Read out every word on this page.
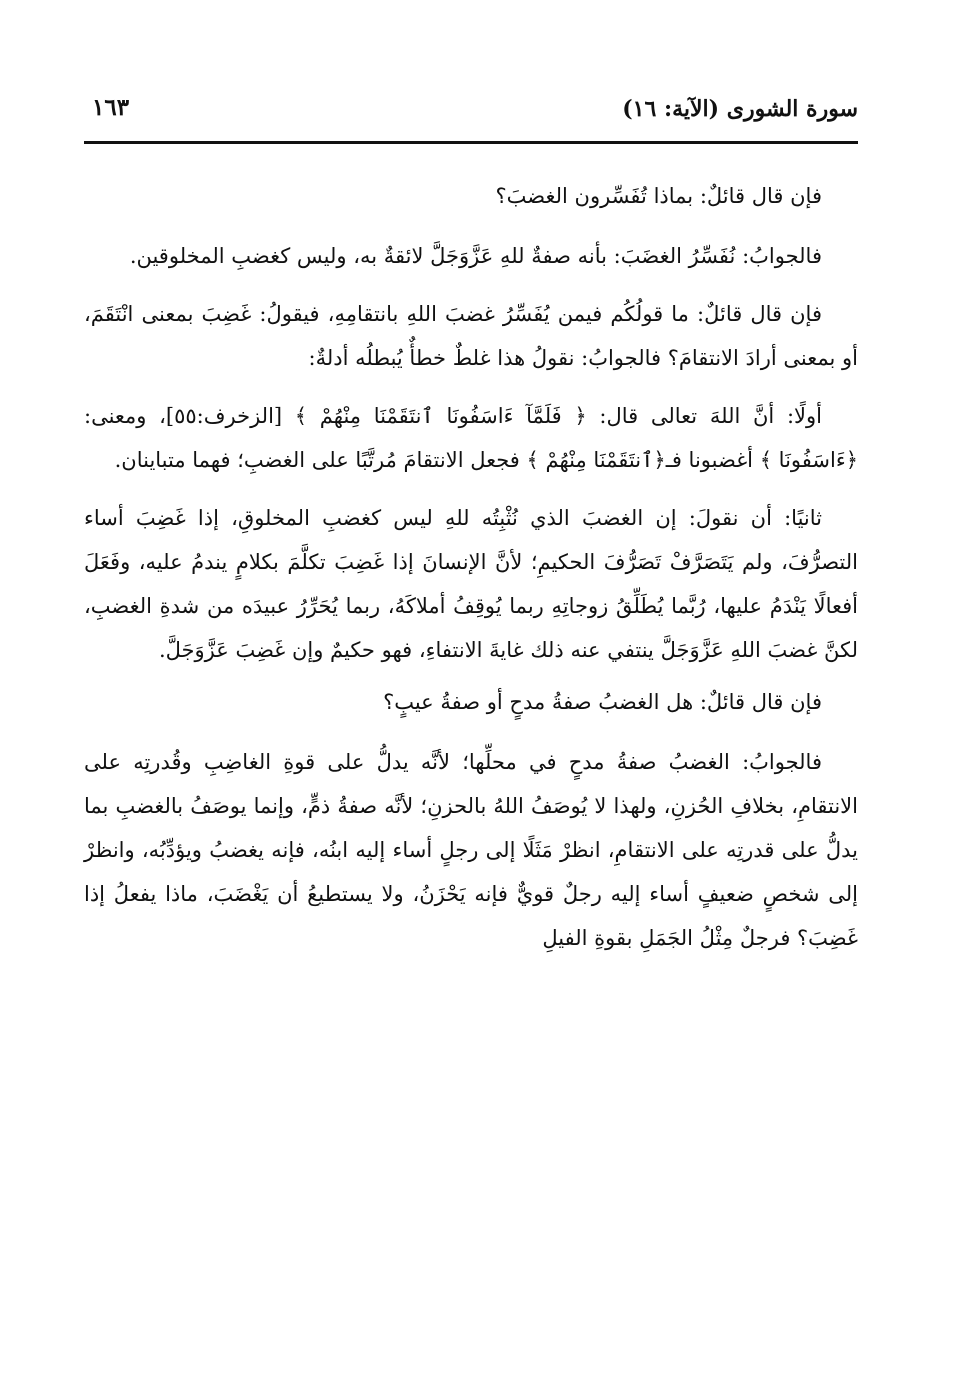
سورة الشورى (الآية: ١٦)
١٦٣

فإن قال قائلٌ: بماذا تُفَسِّرون الغضبَ؟

فالجوابُ: نُفَسِّرُ الغضَبَ: بأنه صفةٌ للهِ عَزَّوَجَلَّ لائقةٌ به، وليس كغضبِ المخلوقين.

فإن قال قائلٌ: ما قولُكُم فيمن يُفَسِّرُ غضبَ اللهِ بانتقامِهِ، فيقولُ: غَضِبَ بمعنى انْتَقَمَ، أو بمعنى أرادَ الانتقامَ؟ فالجوابُ: نقولُ هذا غلطٌ خطأٌ يُبطلُه أدلةٌ:

أولًا: أنَّ اللهَ تعالى قال: ﴿ فَلَمَّآ ءَاسَفُونَا ٱنتَقَمْنَا مِنْهُمْ ﴾ [الزخرف:٥٥]، ومعنى: ﴿ءَاسَفُونَا ﴾ أغضبونا فـ﴿ٱنتَقَمْنَا مِنْهُمْ ﴾ فجعل الانتقامَ مُرتَّبًا على الغضبِ؛ فهما متباينان.

ثانيًا: أن نقولَ: إن الغضبَ الذي نُثْبِتُه للهِ ليس كغضبِ المخلوقِ، إذا غَضِبَ أساء التصرُّفَ، ولم يَتَصَرَّفْ تَصَرُّفَ الحكيمِ؛ لأنَّ الإنسانَ إذا غَضِبَ تكلَّمَ بكلامٍ يندمُ عليه، وفَعَلَ أفعالًا يَنْدَمُ عليها، رُبَّما يُطَلِّقُ زوجاتِهِ ربما يُوقِفُ أملاكَهُ، ربما يُحَرِّرُ عبيدَه من شدةِ الغضبِ، لكنَّ غضبَ اللهِ عَزَّوَجَلَّ ينتفي عنه ذلك غايةَ الانتفاءِ، فهو حكيمٌ وإن غَضِبَ عَزَّوَجَلَّ.

فإن قال قائلٌ: هل الغضبُ صفةُ مدحٍ أو صفةُ عيبٍ؟

فالجوابُ: الغضبُ صفةُ مدحٍ في محلِّها؛ لأنَّه يدلُّ على قوةِ الغاضِبِ وقُدرتِه على الانتقامِ، بخلافِ الحُزنِ، ولهذا لا يُوصَفُ اللهُ بالحزنِ؛ لأنَّه صفةُ ذمٍّ، وإنما يوصَفُ بالغضبِ بما يدلُّ على قدرتِه على الانتقامِ، انظرْ مَثَلًا إلى رجلٍ أساء إليه ابنُه، فإنه يغضبُ ويؤدِّبُه، وانظرْ إلى شخصٍ ضعيفٍ أساء إليه رجلٌ قويٌّ فإنه يَحْزَنُ، ولا يستطيعُ أن يَغْضَبَ، ماذا يفعلُ إذا غَضِبَ؟ فرجلٌ مِثْلُ الجَمَلِ بقوةِ الفيلِ
